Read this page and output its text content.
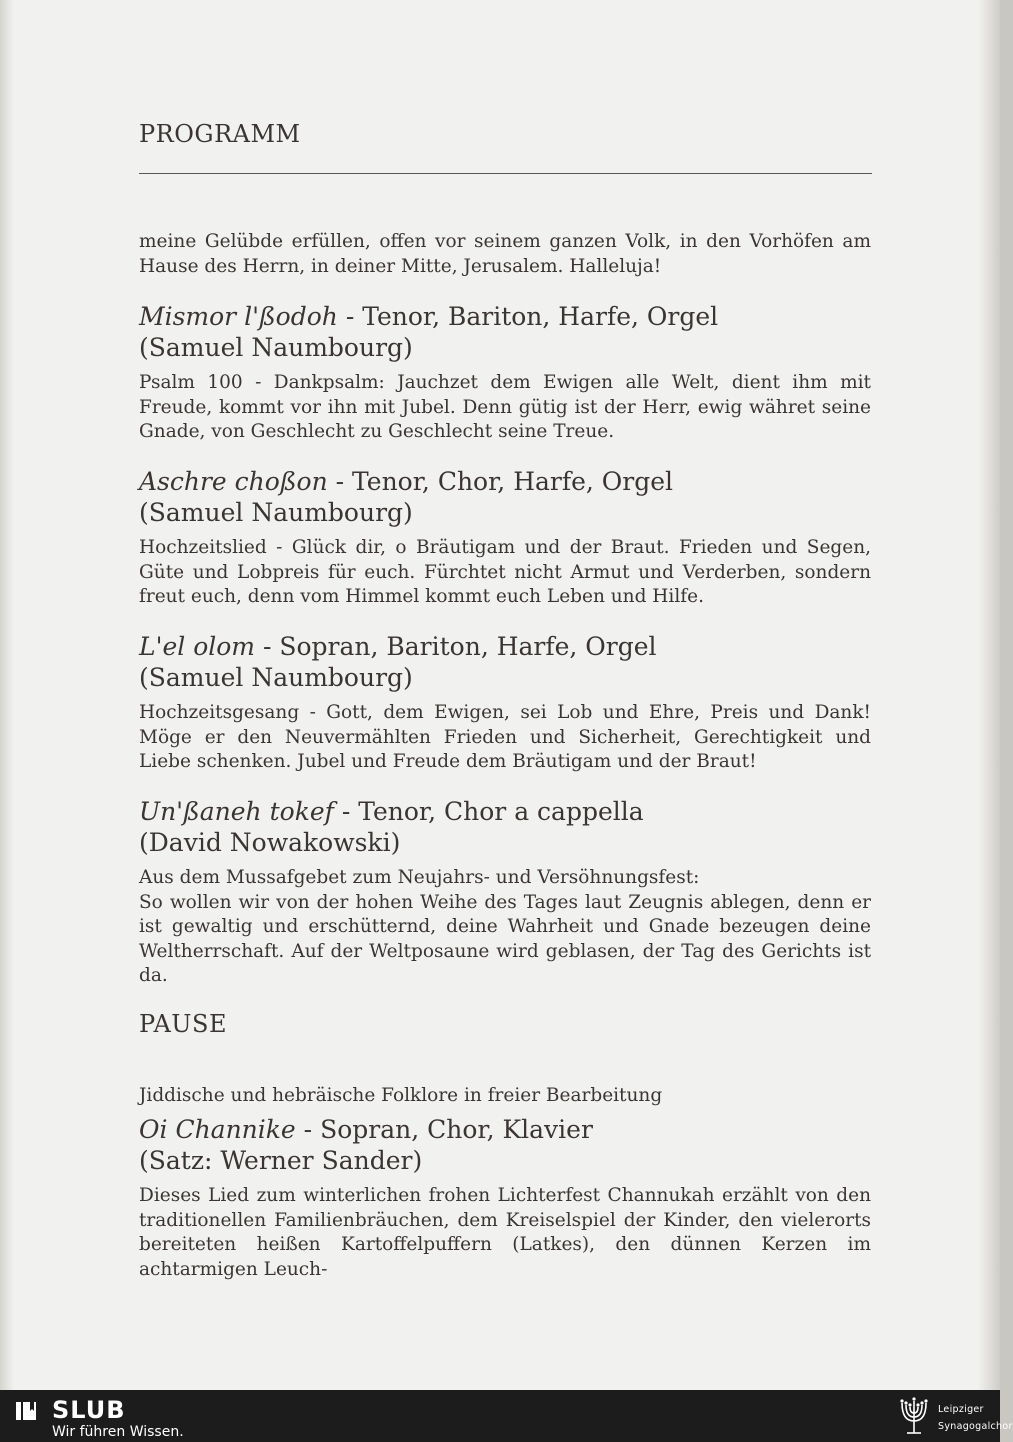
PROGRAMM

meine Gelübde erfüllen, offen vor seinem ganzen Volk, in den Vorhöfen am Hause des Herrn, in deiner Mitte, Jerusalem. Halleluja!

Mismor l'ßodoh - Tenor, Bariton, Harfe, Orgel

(Samuel Naumbourg)

Psalm 100 - Dankpsalm: Jauchzet dem Ewigen alle Welt, dient ihm mit Freude, kommt vor ihn mit Jubel. Denn gütig ist der Herr, ewig währet seine Gnade, von Geschlecht zu Geschlecht seine Treue.

Aschre choßon - Tenor, Chor, Harfe, Orgel

(Samuel Naumbourg)

Hochzeitslied - Glück dir, o Bräutigam und der Braut. Frieden und Segen, Güte und Lobpreis für euch. Fürchtet nicht Armut und Verderben, sondern freut euch, denn vom Himmel kommt euch Leben und Hilfe.

L'el olom - Sopran, Bariton, Harfe, Orgel

(Samuel Naumbourg)

Hochzeitsgesang - Gott, dem Ewigen, sei Lob und Ehre, Preis und Dank! Möge er den Neuvermählten Frieden und Sicherheit, Gerechtigkeit und Liebe schenken. Jubel und Freude dem Bräutigam und der Braut!

Un'ßaneh tokef - Tenor, Chor a cappella

(David Nowakowski)

Aus dem Mussafgebet zum Neujahrs- und Versöhnungsfest:

So wollen wir von der hohen Weihe des Tages laut Zeugnis ablegen, denn er ist gewaltig und erschütternd, deine Wahrheit und Gnade bezeugen deine Weltherrschaft. Auf der Weltposaune wird geblasen, der Tag des Gerichts ist da.

PAUSE

Jiddische und hebräische Folklore in freier Bearbeitung

Oi Channike - Sopran, Chor, Klavier

(Satz: Werner Sander)

Dieses Lied zum winterlichen frohen Lichterfest Channukah erzählt von den traditionellen Familienbräuchen, dem Kreiselspiel der Kinder, den vielerorts bereiteten heißen Kartoffelpuffern (Latkes), den dünnen Kerzen im achtarmigen Leuch-

SLUB
Wir führen Wissen.
Leipziger
Synagogalchor
